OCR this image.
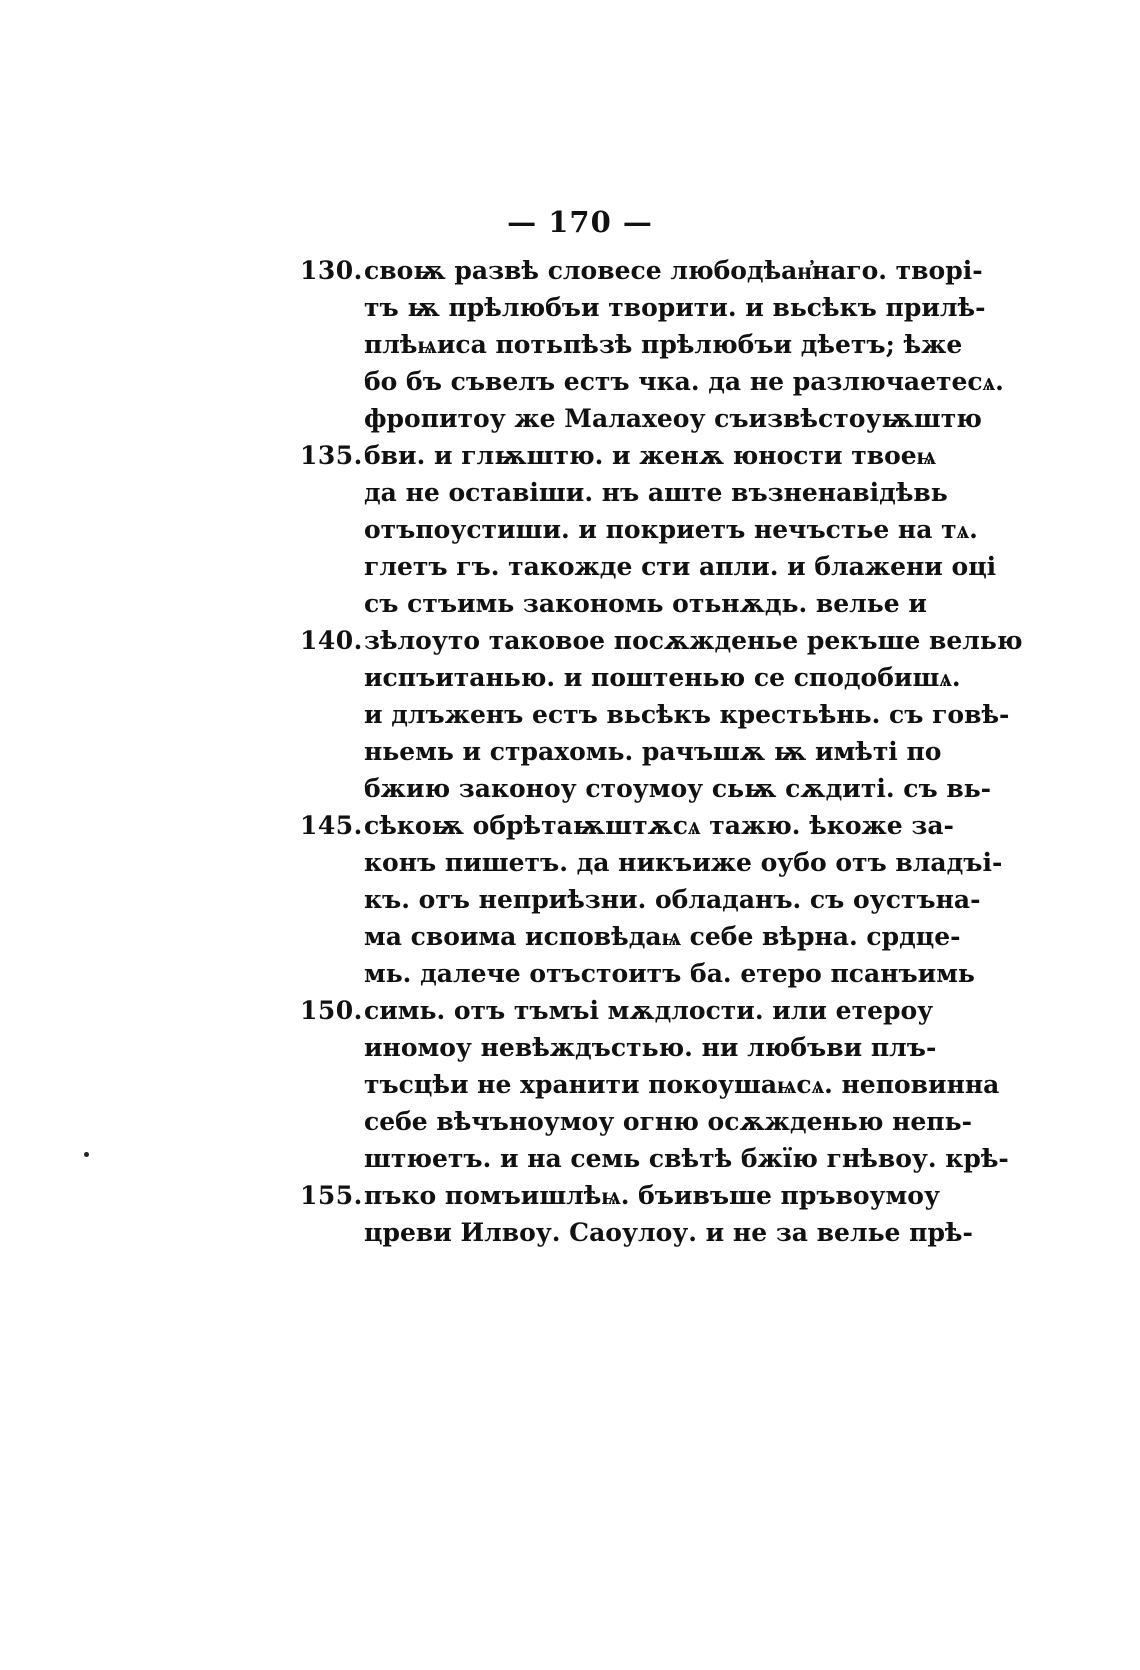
— 170 —
130. своѭ развѣ словесе любодѣан҆наго. творі-
тъ ѭ прѣлюбъи творити. и вьсѣкъ прилѣ-
плѣѩиса потьпѣзѣ прѣлюбъи дѣетъ; ѣже
бо бъ съвелъ естъ чка. да не разлючаетесѧ.
фропитоу же Малахеоу съизвѣстоуѭштю
135. бви. и глѭштю. и женѫ юности твоеѩ
да не оставіши. нъ аште възненавідѣвь
отъпоустиши. и покриетъ нечъстье на тѧ.
глетъ гъ. такожде сти апли. и блажени оці
съ стъимь закономь отьнѫдь. велье и
140. зѣлоуто таковое посѫжденье рекъше велью
испъитанью. и поштенью се сподобишѧ.
и длъженъ естъ вьсѣкъ крестьѣнь. съ говѣ-
ньемь и страхомь. рачъшѫ ѭ имѣті по
бжию законоу стоумоу сьѭ сѫдиті. съ вь-
145. сѣкоѭ обрѣтаѭштѫсѧ тажю. ѣкоже за-
конъ пишетъ. да никъиже оубо отъ владъі-
къ. отъ неприѣзни. обладанъ. съ оустъна-
ма своима исповѣдаѩ себе вѣрна. срдце-
мь. далече отъстоитъ ба. етеро псанъимь
150. симь. отъ тъмъі мѫдлости. или етероу
иномоу невѣждъстью. ни любъви плъ-
тъсцѣи не хранити покоушаѩсѧ. неповинна
себе вѣчъноумоу огню осѫжденью непь-
штюетъ. и на семь свѣтѣ бжїю гнѣвоу. крѣ-
155. пъко помъишлѣѩ. бъивъше пръвоумоу
цреви Илвоу. Саоулоу. и не за велье прѣ-
